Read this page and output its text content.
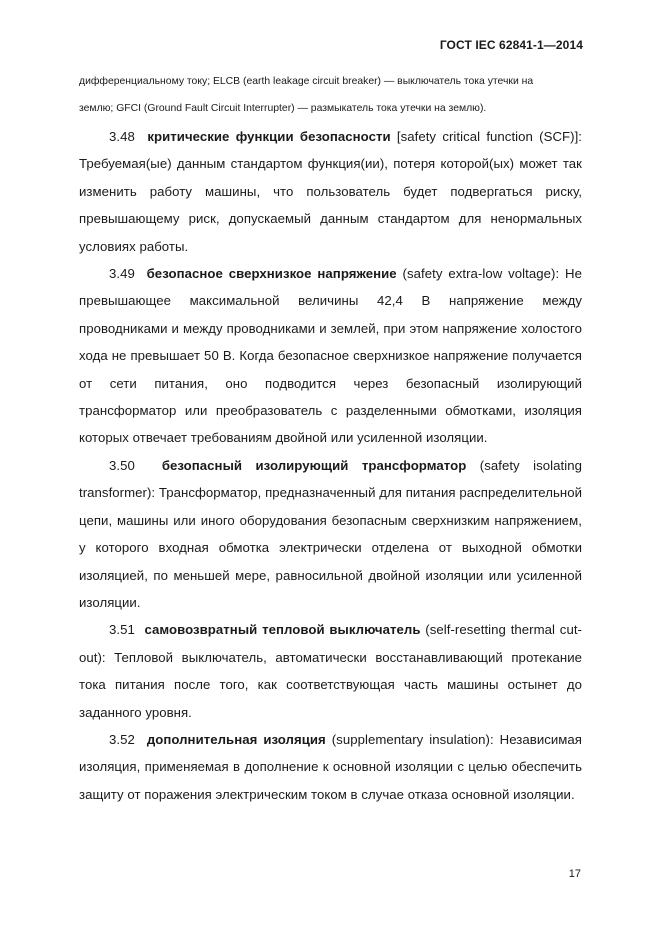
ГОСТ IEC 62841-1—2014

дифференциальному току; ELCB (earth leakage circuit breaker) — выключатель тока утечки на

землю; GFCI (Ground Fault Circuit Interrupter) — размыкатель тока утечки на землю).

3.48 критические функции безопасности [safety critical function (SCF)]: Требуемая(ые) данным стандартом функция(ии), потеря которой(ых) может так изменить работу машины, что пользователь будет подвергаться риску, превышающему риск, допускаемый данным стандартом для ненормальных условиях работы.

3.49 безопасное сверхнизкое напряжение (safety extra-low voltage): Не превышающее максимальной величины 42,4 В напряжение между проводниками и между проводниками и землей, при этом напряжение холостого хода не превышает 50 В. Когда безопасное сверхнизкое напряжение получается от сети питания, оно подводится через безопасный изолирующий трансформатор или преобразователь с разделенными обмотками, изоляция которых отвечает требованиям двойной или усиленной изоляции.

3.50 безопасный изолирующий трансформатор (safety isolating transformer): Трансформатор, предназначенный для питания распределительной цепи, машины или иного оборудования безопасным сверхнизким напряжением, у которого входная обмотка электрически отделена от выходной обмотки изоляцией, по меньшей мере, равносильной двойной изоляции или усиленной изоляции.

3.51 самовозвратный тепловой выключатель (self-resetting thermal cut-out): Тепловой выключатель, автоматически восстанавливающий протекание тока питания после того, как соответствующая часть машины остынет до заданного уровня.

3.52 дополнительная изоляция (supplementary insulation): Независимая изоляция, применяемая в дополнение к основной изоляции с целью обеспечить защиту от поражения электрическим током в случае отказа основной изоляции.

17
